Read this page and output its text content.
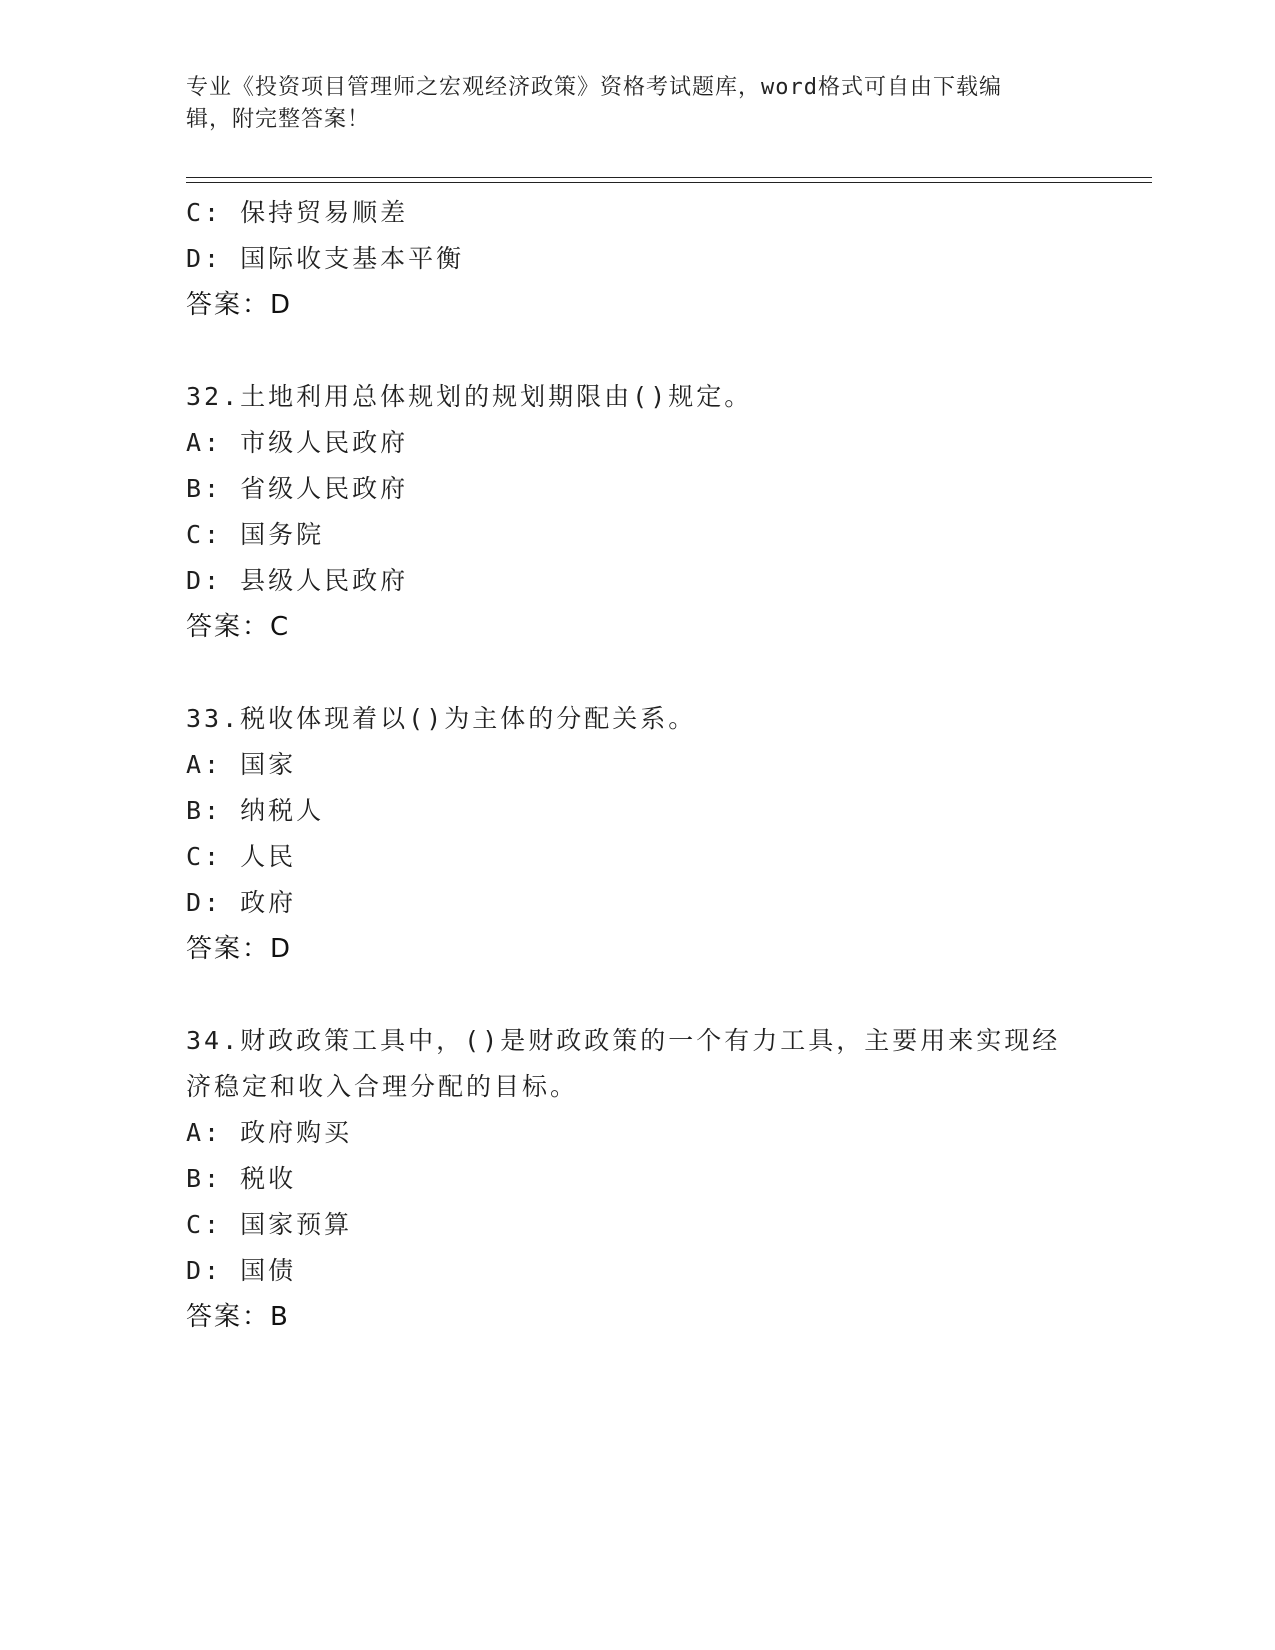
专业《投资项目管理师之宏观经济政策》资格考试题库，word格式可自由下载编
辑，附完整答案！
C: 保持贸易顺差
D: 国际收支基本平衡
答案：D
32.土地利用总体规划的规划期限由()规定。
A: 市级人民政府
B: 省级人民政府
C: 国务院
D: 县级人民政府
答案：C
33.税收体现着以()为主体的分配关系。
A: 国家
B: 纳税人
C: 人民
D: 政府
答案：D
34.财政政策工具中，()是财政政策的一个有力工具，主要用来实现经
济稳定和收入合理分配的目标。
A: 政府购买
B: 税收
C: 国家预算
D: 国债
答案：B
